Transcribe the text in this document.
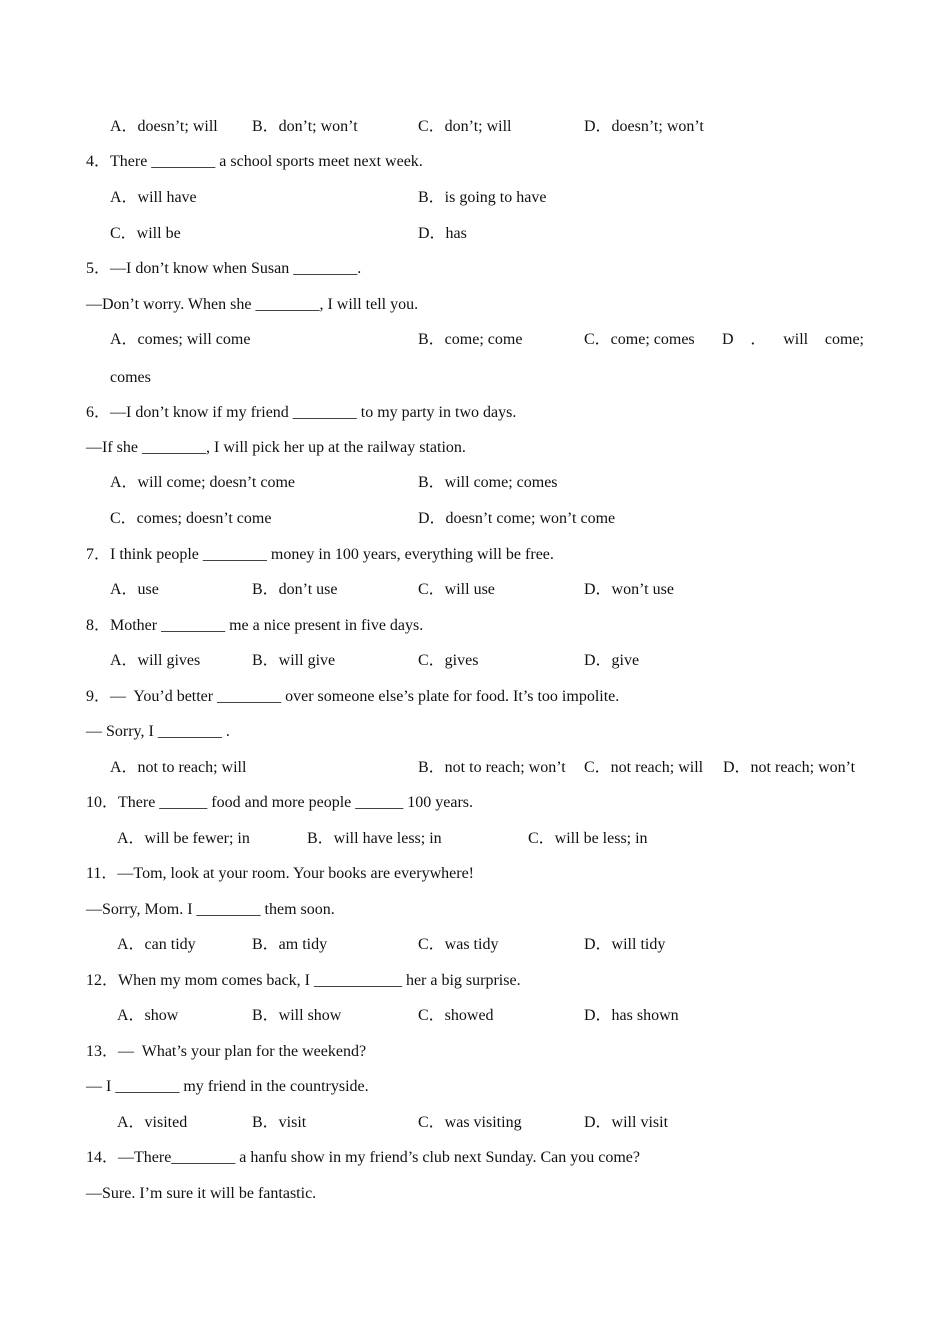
A．doesn’t; will B．don’t; won’t	C．don’t; will	D．doesn’t; won’t
4．There ________ a school sports meet next week.
A．will have	B．is going to have
C．will be	D．has
5．—I don’t know when Susan ________.
—Don’t worry. When she ________, I will tell you.
A．comes; will come	B．come; come	C．come; comes D ． will come;
comes
6．—I don’t know if my friend ________ to my party in two days.
—If she ________, I will pick her up at the railway station.
A．will come; doesn’t come	B．will come; comes
C．comes; doesn’t come	D．doesn’t come; won’t come
7．I think people ________ money in 100 years, everything will be free.
A．use	B．don’t use	C．will use	D．won’t use
8．Mother ________ me a nice present in five days.
A．will gives	B．will give	C．gives	D．give
9．—  You’d better ________ over someone else’s plate for food. It’s too impolite.
— Sorry, I ________ .
A．not to reach; will	B．not to reach; won’t C．not reach; will D．not reach; won’t
10．There ______ food and more people ______ 100 years.
A．will be fewer; in	B．will have less; in	C．will be less; in
11．—Tom, look at your room. Your books are everywhere!
—Sorry, Mom. I ________ them soon.
A．can tidy	B．am tidy	C．was tidy	D．will tidy
12．When my mom comes back, I ___________ her a big surprise.
A．show	B．will show	C．showed	D．has shown
13．—  What’s your plan for the weekend?
— I ________ my friend in the countryside.
A．visited	B．visit	C．was visiting	D．will visit
14．—There________ a hanfu show in my friend’s club next Sunday. Can you come?
—Sure. I’m sure it will be fantastic.
